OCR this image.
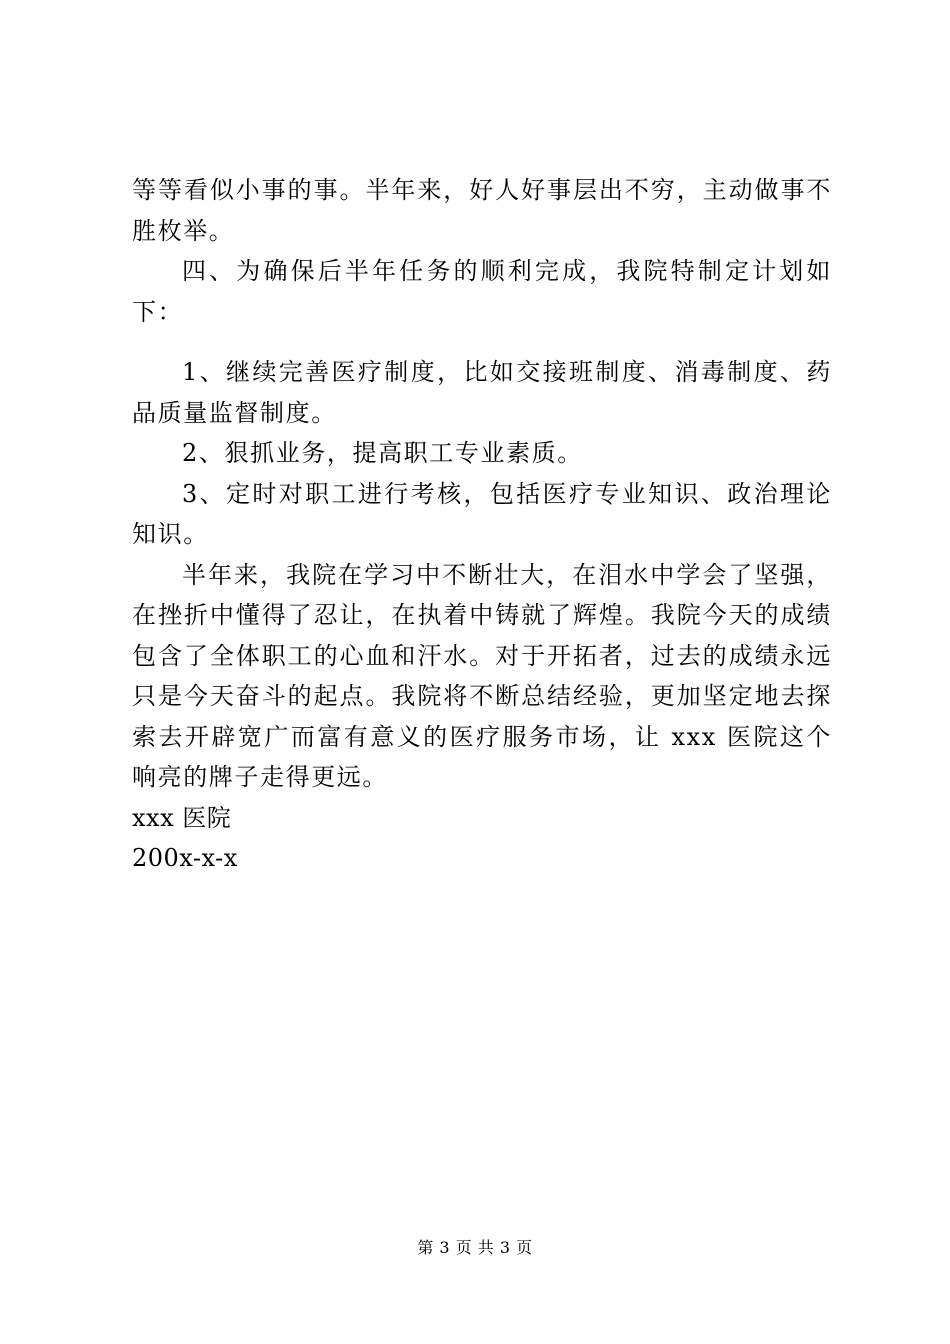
等等看似小事的事。半年来，好人好事层出不穷，主动做事不胜枚举。

四、为确保后半年任务的顺利完成，我院特制定计划如下：

1、继续完善医疗制度，比如交接班制度、消毒制度、药品质量监督制度。

2、狠抓业务，提高职工专业素质。

3、定时对职工进行考核，包括医疗专业知识、政治理论知识。

半年来，我院在学习中不断壮大，在泪水中学会了坚强，在挫折中懂得了忍让，在执着中铸就了辉煌。我院今天的成绩包含了全体职工的心血和汗水。对于开拓者，过去的成绩永远只是今天奋斗的起点。我院将不断总结经验，更加坚定地去探索去开辟宽广而富有意义的医疗服务市场，让 xxx 医院这个响亮的牌子走得更远。

xxx 医院

200x-x-x

第 3 页 共 3 页
